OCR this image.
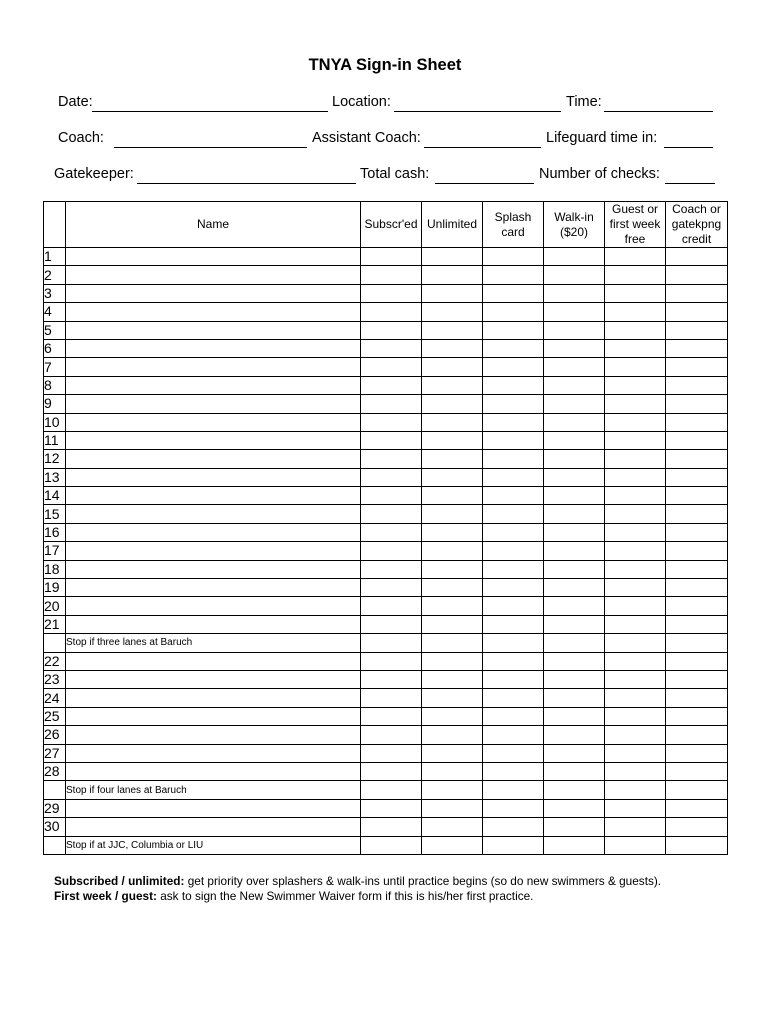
TNYA Sign-in Sheet
Date:	Location:	Time:
Coach:	Assistant Coach:	Lifeguard time in:
Gatekeeper:	Total cash:	Number of checks:
	Name	Subscr'ed	Unlimited	Splash card	Walk-in ($20)	Guest or first week free	Coach or gatekpng credit
1							
2							
3							
4							
5							
6							
7							
8							
9							
10							
11							
12							
13							
14							
15							
16							
17							
18							
19							
20							
21							
	Stop if three lanes at Baruch						
22							
23							
24							
25							
26							
27							
28							
	Stop if four lanes at Baruch						
29							
30							
	Stop if at JJC, Columbia or LIU						
Subscribed / unlimited: get priority over splashers & walk-ins until practice begins (so do new swimmers & guests).
First week / guest: ask to sign the New Swimmer Waiver form if this is his/her first practice.
